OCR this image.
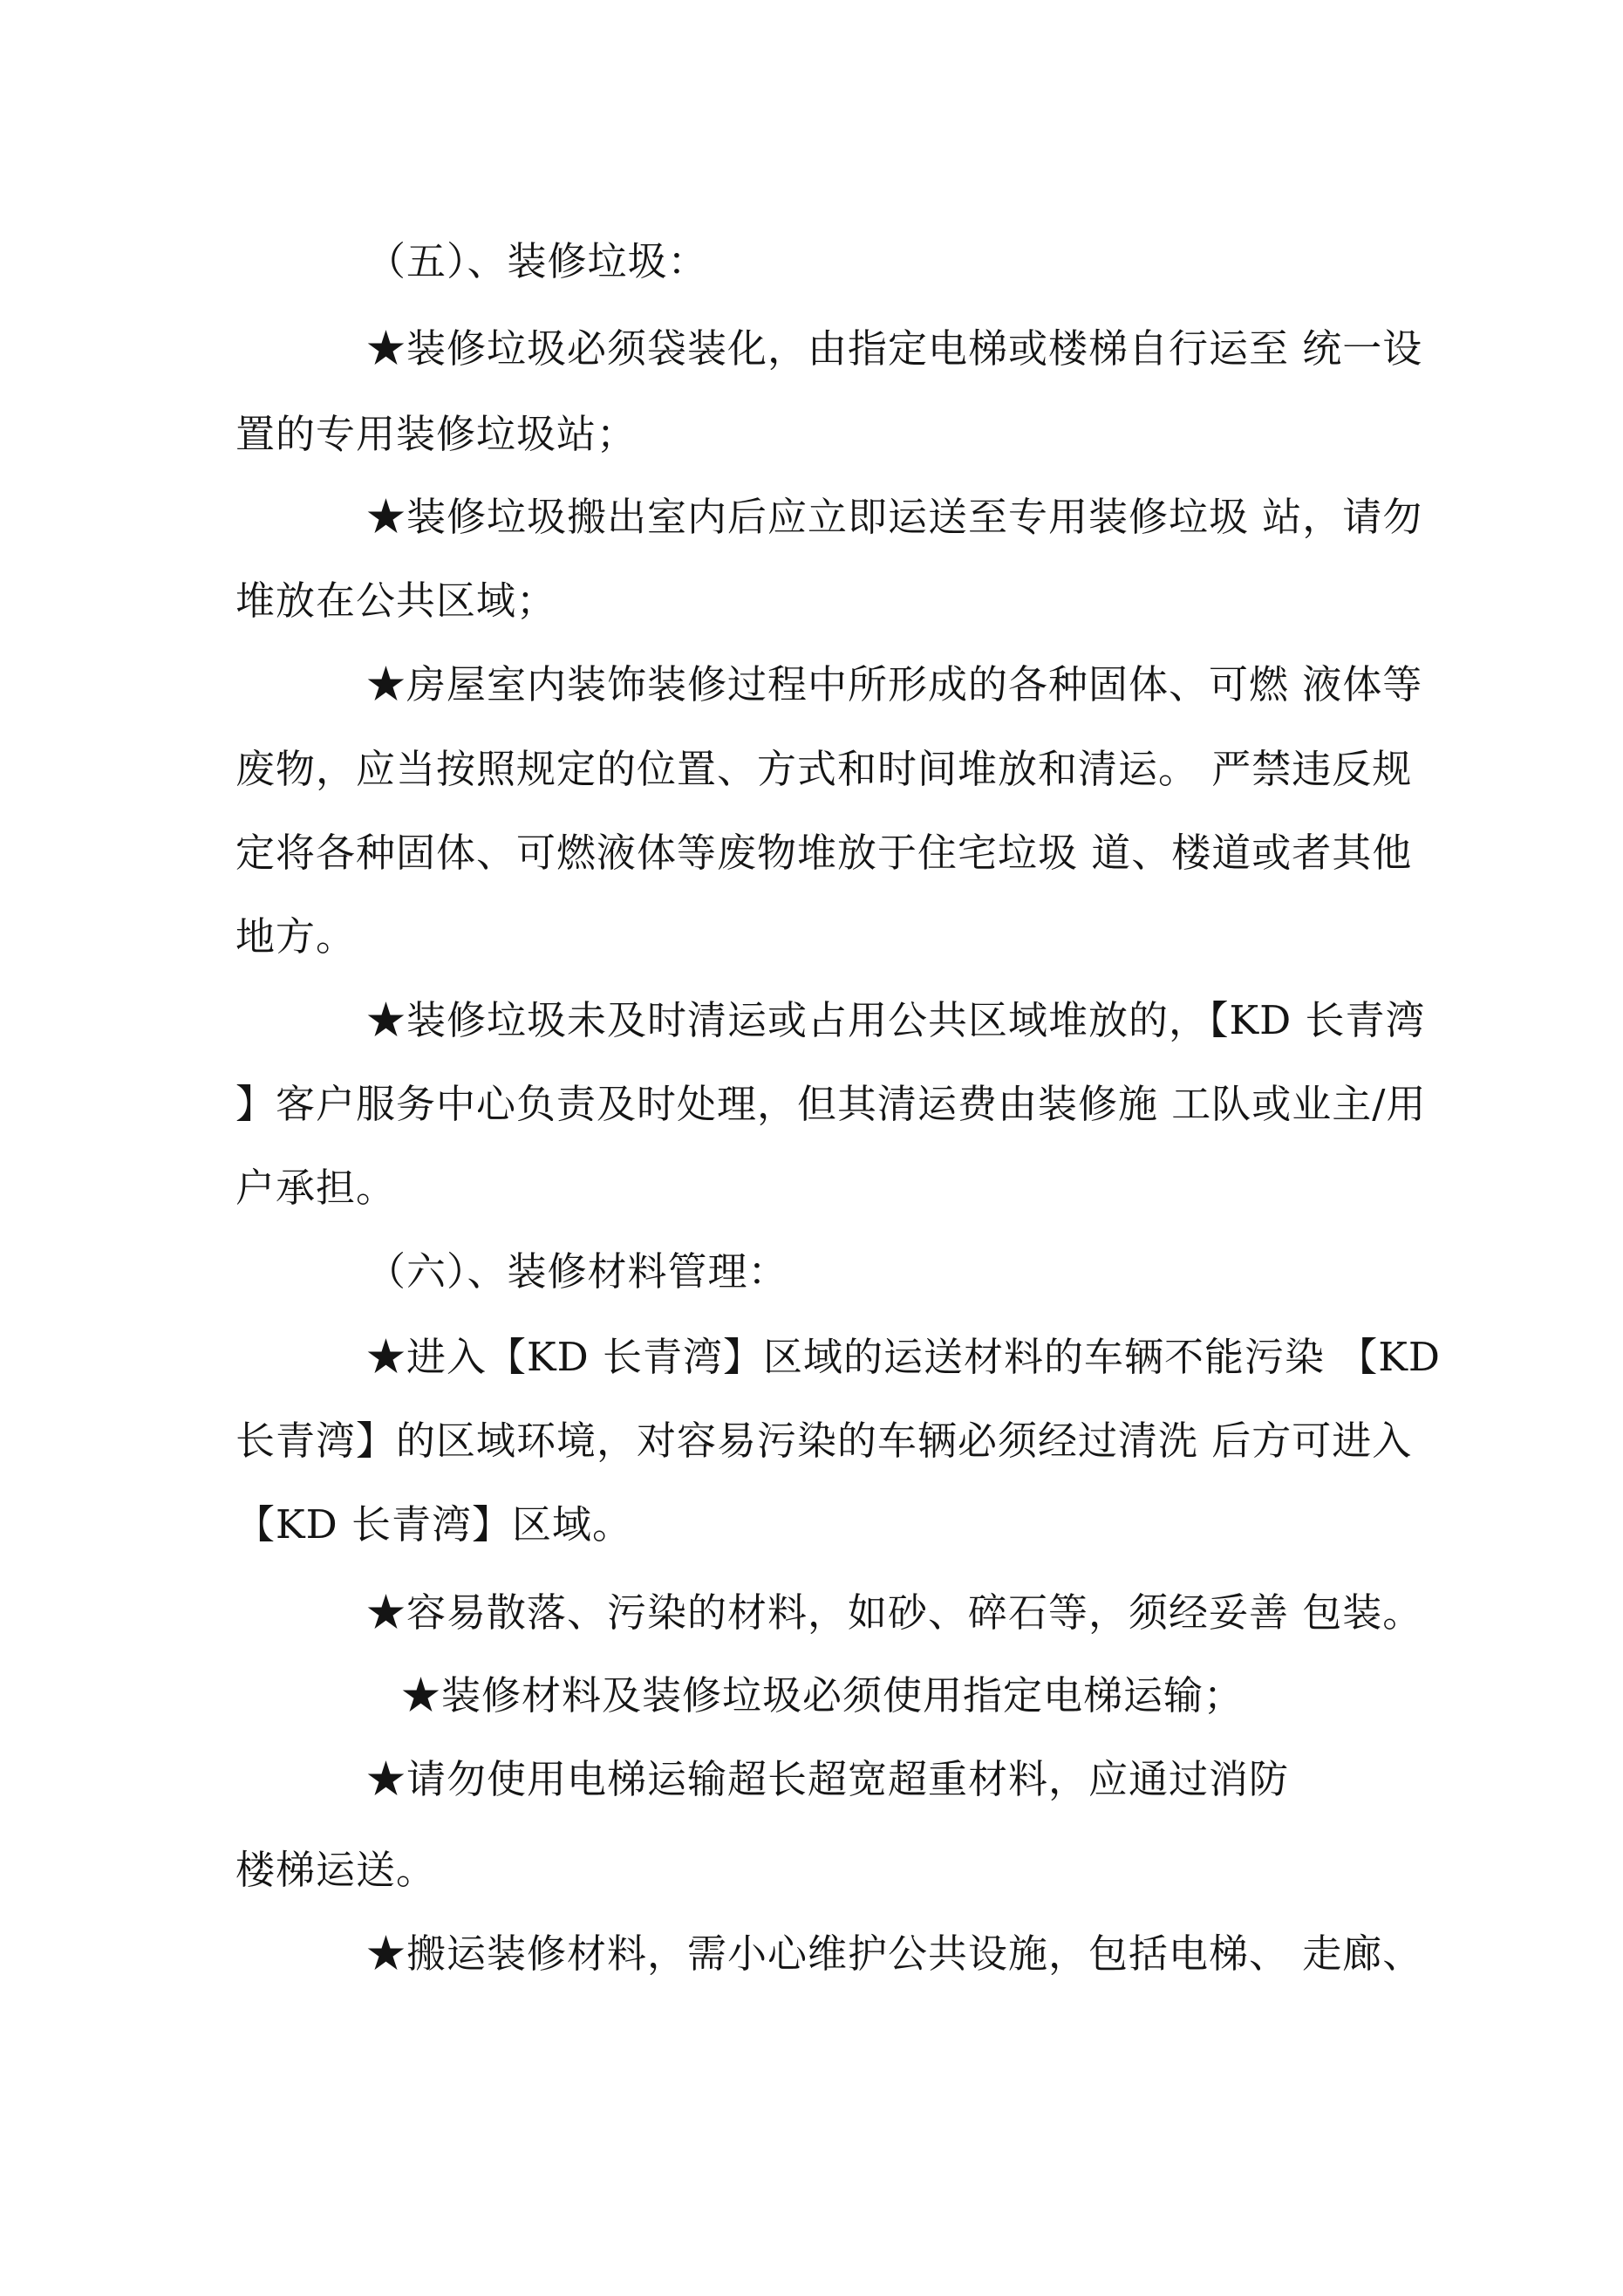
（五）、装修垃圾：
★装修垃圾必须袋装化，由指定电梯或楼梯自行运至 统一设
置的专用装修垃圾站；
★装修垃圾搬出室内后应立即运送至专用装修垃圾 站，请勿
堆放在公共区域；
★房屋室内装饰装修过程中所形成的各种固体、可燃 液体等
废物，应当按照规定的位置、方式和时间堆放和清运。 严禁违反规
定将各种固体、可燃液体等废物堆放于住宅垃圾 道、楼道或者其他
地方。
★装修垃圾未及时清运或占用公共区域堆放的，【KD 长青湾
】客户服务中心负责及时处理，但其清运费由装修施 工队或业主/用
户承担。
（六）、装修材料管理：
★进入【KD 长青湾】区域的运送材料的车辆不能污染 【KD
长青湾】的区域环境，对容易污染的车辆必须经过清洗 后方可进入
【KD 长青湾】区域。
★容易散落、污染的材料，如砂、碎石等，须经妥善 包装。
★装修材料及装修垃圾必须使用指定电梯运输；
★请勿使用电梯运输超长超宽超重材料，应通过消防
楼梯运送。
★搬运装修材料，需小心维护公共设施，包括电梯、 走廊、
